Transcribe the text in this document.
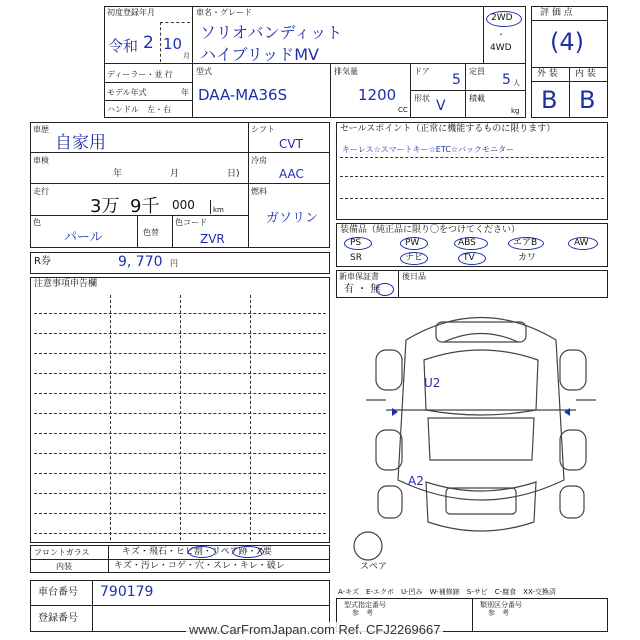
初度登録年月
令和 2 10
月
車名・グレード
ソリオバンディット
ハイブリッドMV
2WD
・
4WD
ディーラー・並 行
モデル年式	年
ハンドル　左・右
型式
DAA-MA36S
排気量
1200
CC
ドア
5
定員
5 人
形状 V	積載
kg
評 価 点
(4)
外 装 内 装
B B
車歴
自家用
車検
年	月	日)
走行
3万 9千 000	km
色
パール	色替
色コード
ZVR
シフト
CVT
冷房
AAC
燃料
ガソリン
R券	9, 770 円
セールスポイント（正常に機能するものに限ります）
キーレス☆スマートキー☆ETC☆バックモニター
装備品（純正品に限り〇をつけてください）
PS	PW	ABS	エアB	AW
SR	ナビ	TV	カワ
新車保証書
有 ・ 無
後日品
注意事項申告欄
U2
A2
スペア
フロントガラス	キズ・飛石・ヒビ割・リペア跡・X要
内装	キズ・汚レ・コゲ・穴・スレ・キレ・破レ
車台番号 790179
登録番号
A-キズ　E-エクボ　U-凹み　W-補修跡　S-サビ　C-腐食　XX-交換済
型式指定番号
参　考
類別区分番号
参　考
www.CarFromJapan.com Ref. CFJ2269667
